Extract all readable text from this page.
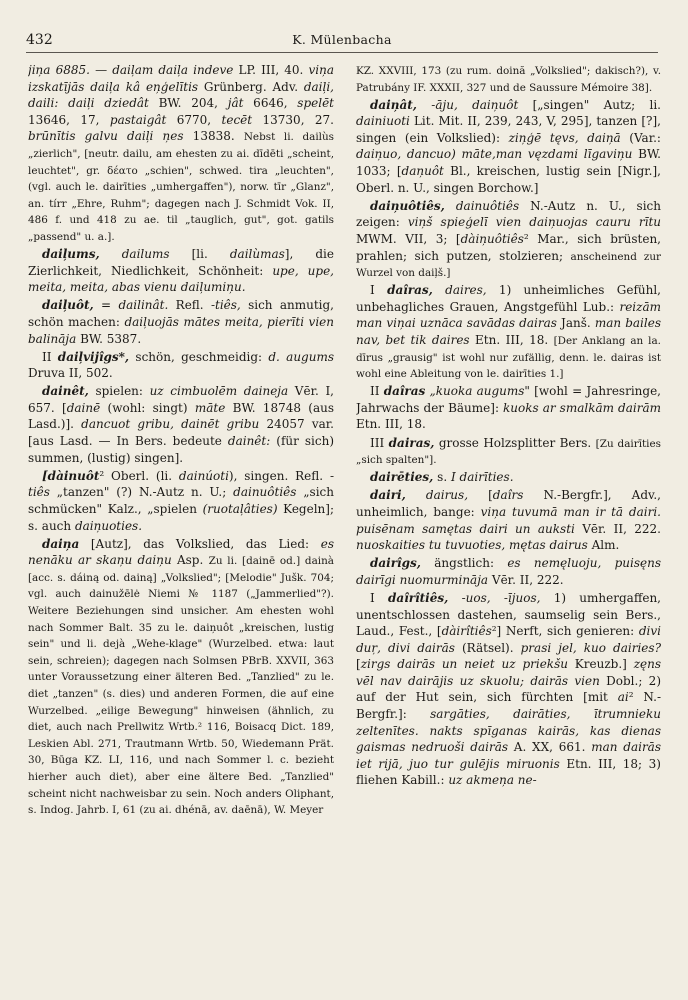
432	K. Mülenbacha

jiņa 6885. — daiļam daiļa indeve LP. III, 40. viņa izskatījās daiļa kâ eņģelītis Grünberg. Adv. daiļi, daili: daiļi dziedât BW. 204, jât 6646, spelēt 13646, 17, pastaigât 6770, tecēt 13730, 27. brūnītis galvu daiļi ņes 13838. Nebst li. dailùs „zierlich", [neutr. dailu, am ehesten zu ai. dīdēti „scheint, leuchtet", gr. δέατο „schien", schwed. tira „leuchten", (vgl. auch le. dairīties „umhergaffen"), norw. tīr „Glanz", an. tírr „Ehre, Ruhm"; dagegen nach J. Schmidt Vok. II, 486 f. und 418 zu ae. til „tauglich, gut", got. gatils „passend" u. a.].

daiļums, dailums [li. dailùmas], die Zierlichkeit, Niedlichkeit, Schönheit: upe, upe, meita, meita, abas vienu daiļumiņu.

daiļuôt, = dailinât. Refl. -tiês, sich anmutig, schön machen: daiļuojās mātes meita, pierīti vien balināja BW. 5387.

II daiļvijîgs*, schön, geschmeidig: d. augums Druva II, 502.

dainêt, spielen: uz cimbuolēm daineja Vēr. I, 657. [dainē (wohl: singt) māte BW. 18748 (aus Lasd.)]. dancuot gribu, dainēt gribu 24057 var. [aus Lasd. — In Bers. bedeute dainêt: (für sich) summen, (lustig) singen].

[dàinuôt² Oberl. (li. dainúoti), singen. Refl. -tiês „tanzen" (?) N.-Autz n. U.; dainuôtiês „sich schmücken" Kalz., „spielen (ruotaļâties) Kegeln]; s. auch daiņuoties.

daiņa [Autz], das Volkslied, das Lied: es nenāku ar skaņu daiņu Asp. Zu li. [dainē od.] dainà [acc. s. dáiną od. dainą] „Volkslied"; [Melodie" Jušk. 704; vgl. auch dainužēlė Niemi № 1187 („Jammerlied"?). Weitere Beziehungen sind unsicher. Am ehesten wohl nach Sommer Balt. 35 zu le. daiņuôt „kreischen, lustig sein" und li. dejà „Wehe-klage" (Wurzelbed. etwa: laut sein, schreien); dagegen nach Solmsen PBrB. XXVII, 363 unter Voraussetzung einer älteren Bed. „Tanzlied" zu le. diet „tanzen" (s. dies) und anderen Formen, die auf eine Wurzelbed. „eilige Bewegung" hinweisen (ähnlich, zu diet, auch nach Prellwitz Wrtb.² 116, Boisacq Dict. 189, Leskien Abl. 271, Trautmann Wrtb. 50, Wiedemann Prät. 30, Būga KZ. LI, 116, und nach Sommer l. c. bezieht hierher auch diet), aber eine ältere Bed. „Tanzlied" scheint nicht nachweisbar zu sein. Noch anders Oliphant, s. Indog. Jahrb. I, 61 (zu ai. dhénā, av. daēnā), W. Meyer

KZ. XXVIII, 173 (zu rum. doină „Volkslied"; dakisch?), v. Patrubány IF. XXXII, 327 und de Saussure Mémoire 38].

daiņât, -āju, daiņuôt [„singen" Autz; li. dainiuoti Lit. Mit. II, 239, 243, V, 295], tanzen [?], singen (ein Volkslied): ziņģē tęvs, daiņā (Var.: daiņuo, dancuo) māte,man vęzdami līgaviņu BW. 1033; [daņuôt Bl., kreischen, lustig sein [Nigr.], Oberl. n. U., singen Borchow.]

daiņuôtiês, dainuôtiês N.-Autz n. U., sich zeigen: viņš spieģelī vien daiņuojas cauru rītu MWM. VII, 3; [dàiņuôtiês² Mar., sich brüsten, prahlen; sich putzen, stolzieren; anscheinend zur Wurzel von daiļš.]

I daîras, daires, 1) unheimliches Gefühl, unbehagliches Grauen, Angstgefühl Lub.: reizām man viņai uznāca savādas dairas Janš. man bailes nav, bet tik daires Etn. III, 18. [Der Anklang an la. dīrus „grausig" ist wohl nur zufällig, denn. le. dairas ist wohl eine Ableitung von le. dairīties 1.]

II daîras „kuoka augums" [wohl = Jahresringe, Jahrwachs der Bäume]: kuoks ar smalkām dairām Etn. III, 18.

III dairas, grosse Holzsplitter Bers. [Zu dairīties „sich spalten"].

dairēties, s. I dairīties.

dairi, dairus, [daîrs N.-Bergfr.], Adv., unheimlich, bange: viņa tuvumā man ir tā dairi. puisēnam samętas dairi un auksti Vēr. II, 222. nuoskaities tu tuvuoties, mętas dairus Alm.

dairîgs, ängstlich: es nemęluoju, puisęns dairīgi nuomurmināja Vēr. II, 222.

I daîrîtiês, -uos, -ījuos, 1) umhergaffen, unentschlossen dastehen, saumselig sein Bers., Laud., Fest., [dàirîtiês²] Nerft, sich genieren: divi duŗ, divi dairās (Rätsel). prasi jel, kuo dairies? [zirgs dairās un neiet uz priekšu Kreuzb.] zęns vēl nav dairājis uz skuolu; dairās vien Dobl.; 2) auf der Hut sein, sich fürchten [mit ai² N.-Bergfr.]: sargāties, dairāties, ītrumnieku zeltenītes. nakts spīganas kairās, kas dienas gaismas nedruoši dairās A. XX, 661. man dairās iet rijā, juo tur gulējis miruonis Etn. III, 18; 3) fliehen Kabill.: uz akmeņa ne-
